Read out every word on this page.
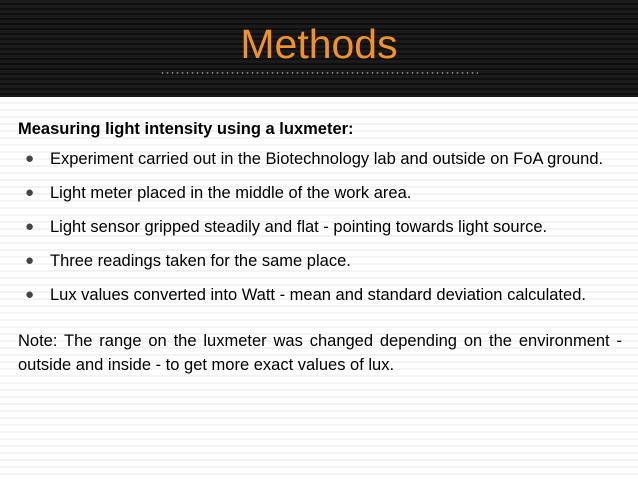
Methods
Measuring light intensity using a luxmeter:
● Experiment carried out in the Biotechnology lab and outside on FoA ground.
● Light meter placed in the middle of the work area.
● Light sensor gripped steadily and flat - pointing towards light source.
● Three readings taken for the same place.
● Lux values converted into Watt - mean and standard deviation calculated.
Note: The range on the luxmeter was changed depending on the environment - outside and inside - to get more exact values of lux.
